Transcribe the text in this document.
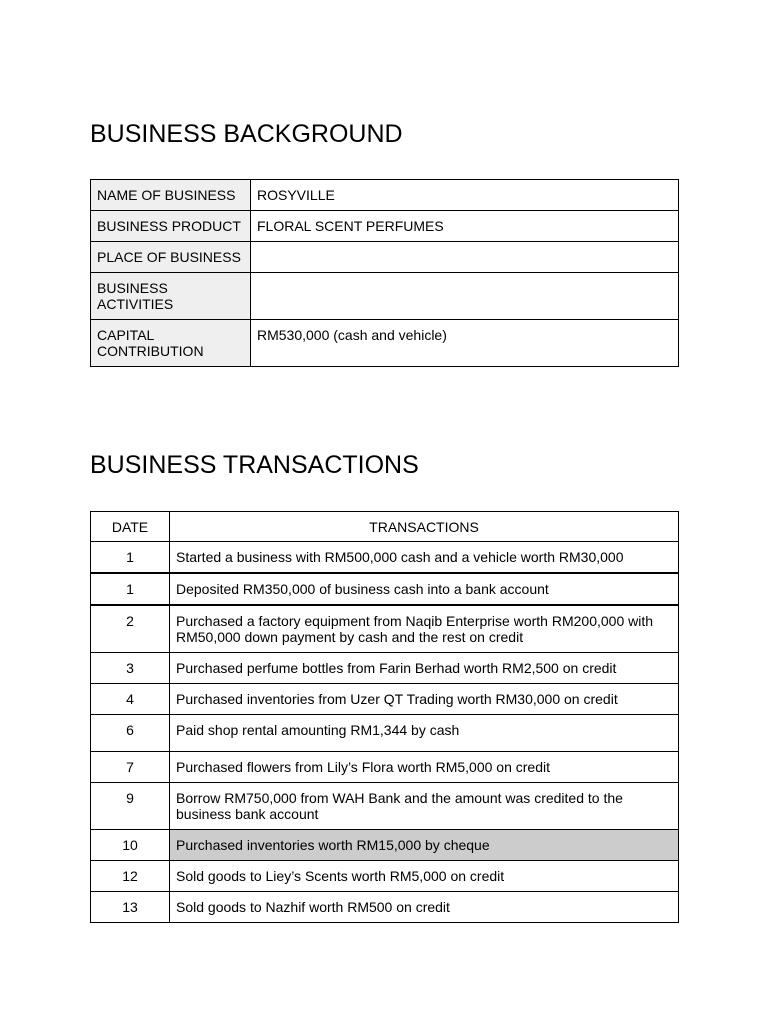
BUSINESS BACKGROUND
NAME OF BUSINESS	ROSYVILLE
BUSINESS PRODUCT	FLORAL SCENT PERFUMES
PLACE OF BUSINESS	
BUSINESS ACTIVITIES	
CAPITAL CONTRIBUTION	RM530,000 (cash and vehicle)
BUSINESS TRANSACTIONS
DATE	TRANSACTIONS
1	Started a business with RM500,000 cash and a vehicle worth RM30,000
1	Deposited RM350,000 of business cash into a bank account
2	Purchased a factory equipment from Naqib Enterprise worth RM200,000 with RM50,000 down payment by cash and the rest on credit
3	Purchased perfume bottles from Farin Berhad worth RM2,500 on credit
4	Purchased inventories from Uzer QT Trading worth RM30,000 on credit
6	Paid shop rental amounting RM1,344 by cash
7	Purchased flowers from Lily’s Flora worth RM5,000 on credit
9	Borrow RM750,000 from WAH Bank and the amount was credited to the business bank account
10	Purchased inventories worth RM15,000 by cheque
12	Sold goods to Liey’s Scents worth RM5,000 on credit
13	Sold goods to Nazhif worth RM500 on credit
